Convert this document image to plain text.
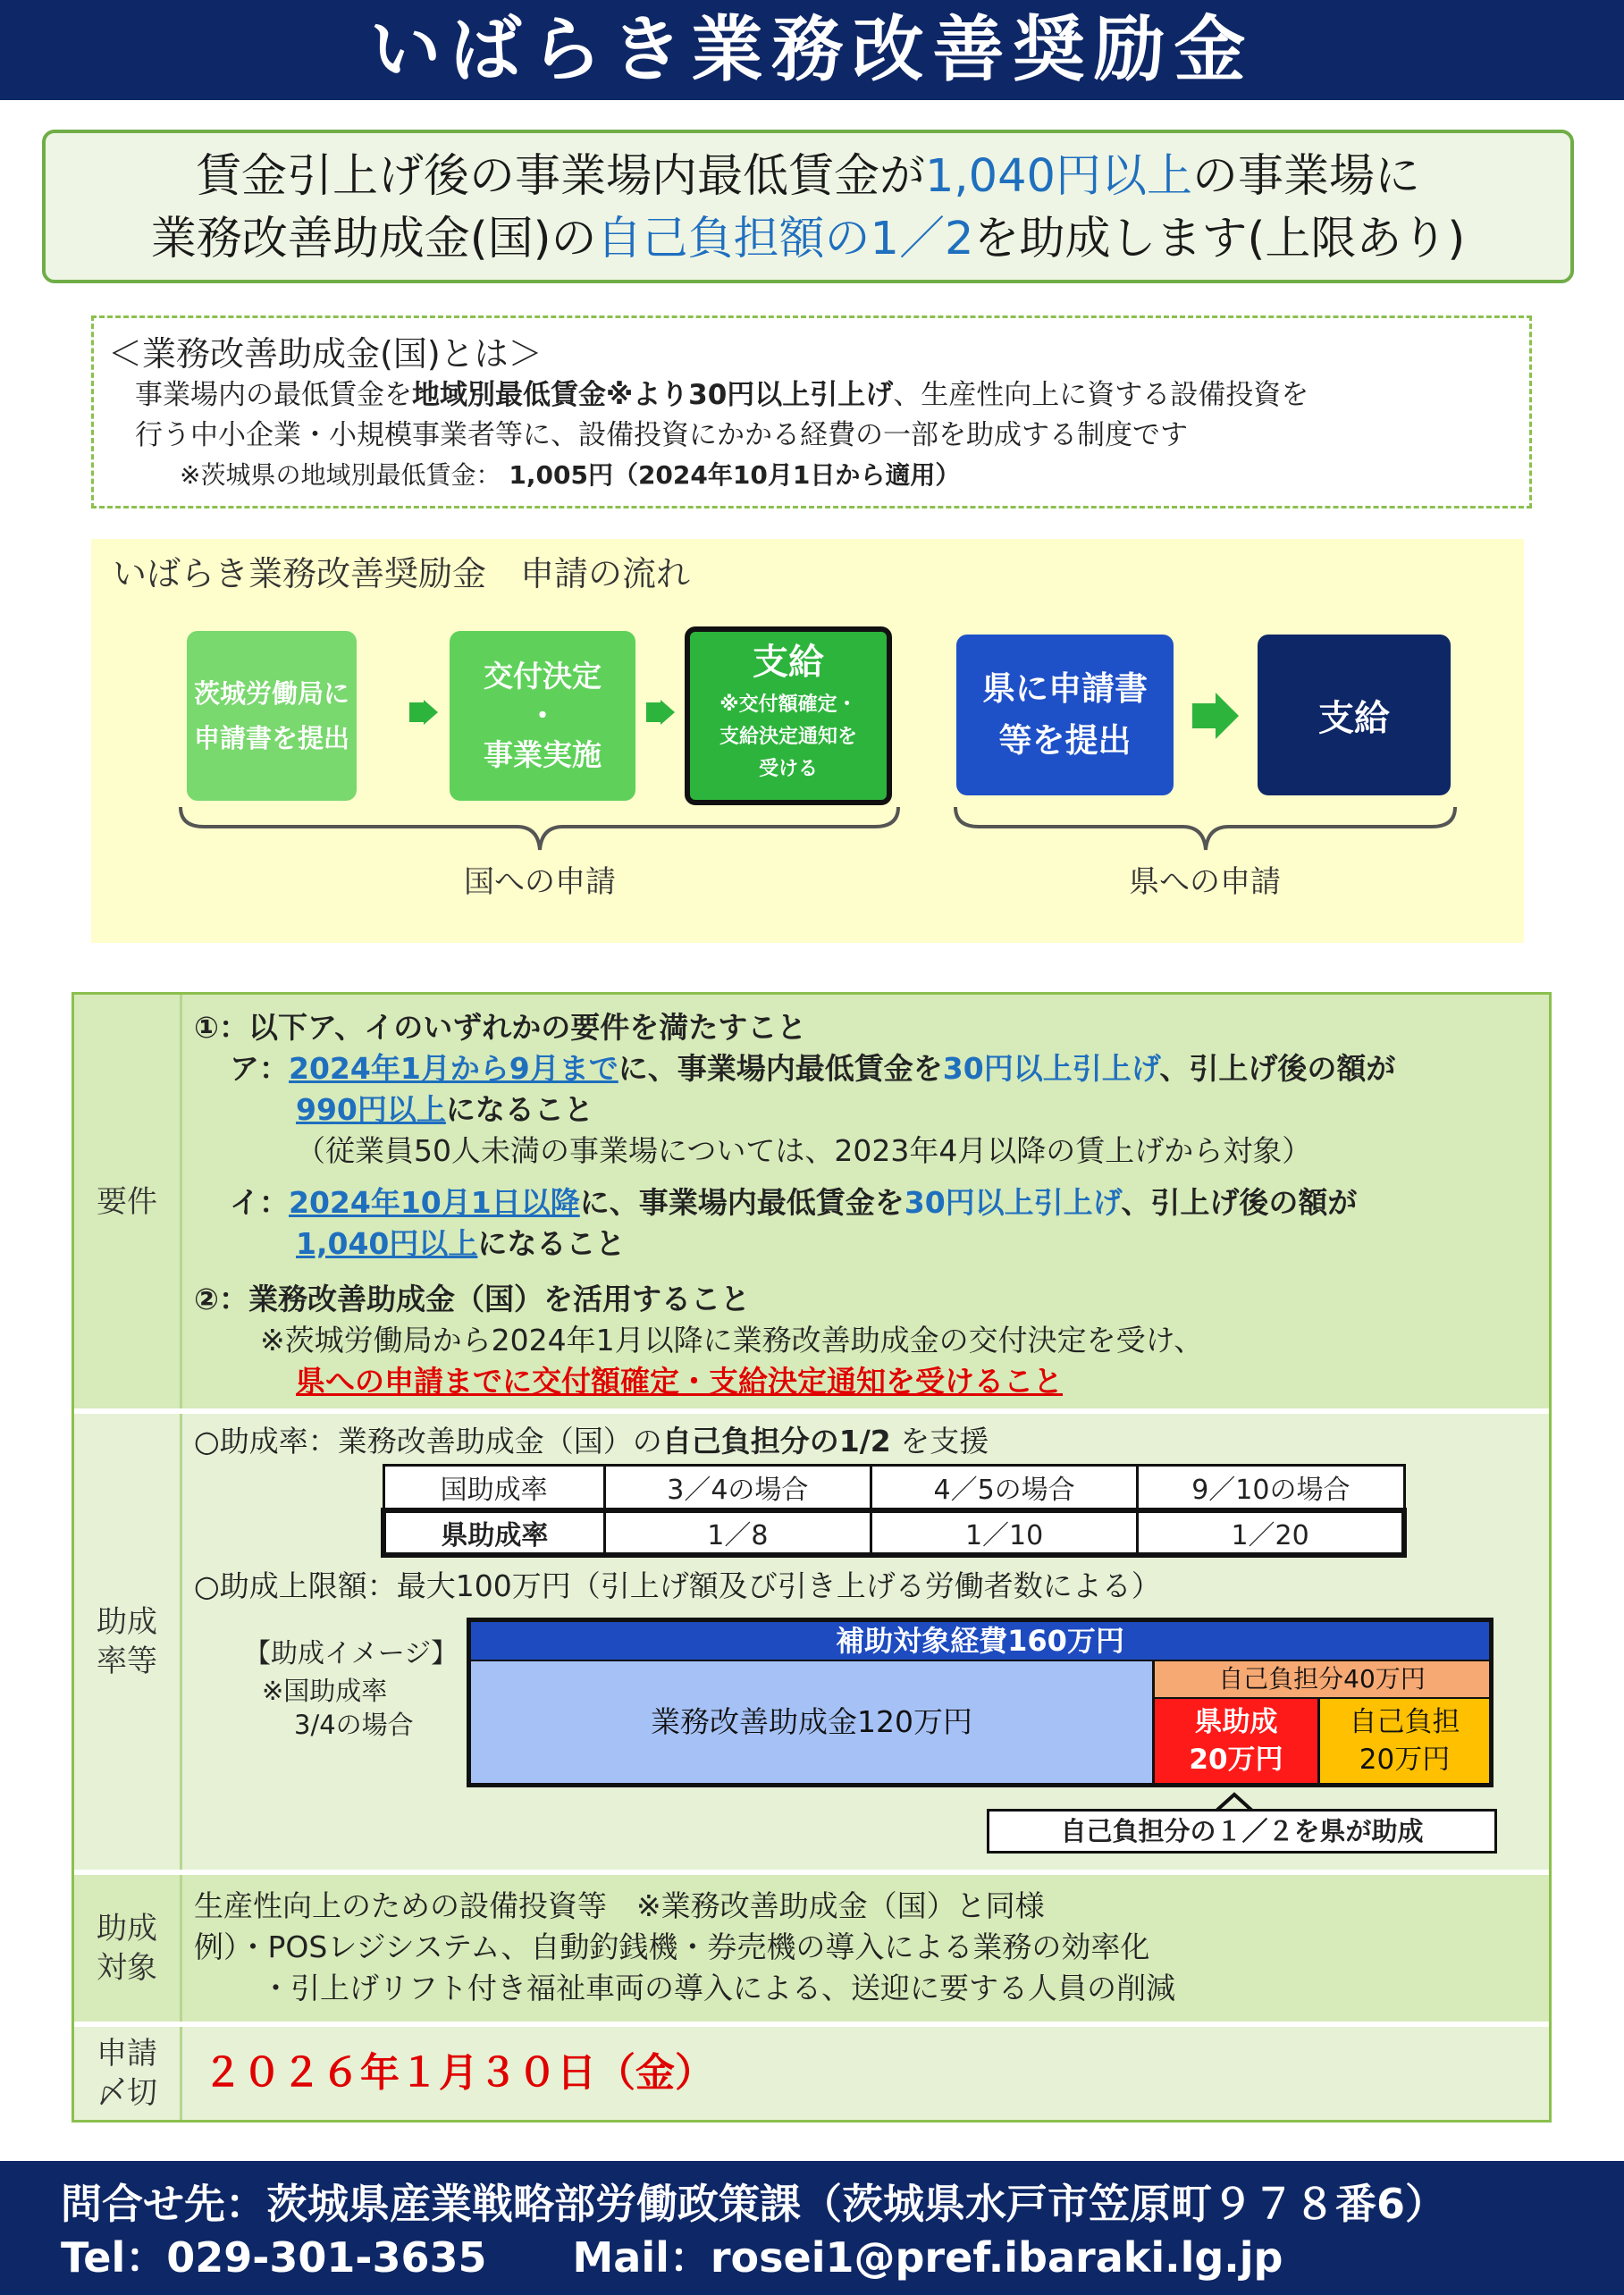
いばらき業務改善奨励金
賃金引上げ後の事業場内最低賃金が1,040円以上の事業場に
業務改善助成金(国)の自己負担額の1／2を助成します(上限あり)
＜業務改善助成金(国)とは＞
事業場内の最低賃金を地域別最低賃金※より30円以上引上げ、生産性向上に資する設備投資を
行う中小企業・小規模事業者等に、設備投資にかかる経費の一部を助成する制度です
※茨城県の地域別最低賃金： 1,005円（2024年10月1日から適用）
いばらき業務改善奨励金　申請の流れ
茨城労働局に
申請書を提出
交付決定
・
事業実施
支給
※交付額確定・
支給決定通知を
受ける
県に申請書
等を提出
支給
国への申請	県への申請
要件
①：以下ア、イのいずれかの要件を満たすこと
ア：2024年1月から9月までに、事業場内最低賃金を30円以上引上げ、引上げ後の額が
990円以上になること
（従業員50人未満の事業場については、2023年4月以降の賃上げから対象）
イ：2024年10月1日以降に、事業場内最低賃金を30円以上引上げ、引上げ後の額が
1,040円以上になること
②：業務改善助成金（国）を活用すること
※茨城労働局から2024年1月以降に業務改善助成金の交付決定を受け、
県への申請までに交付額確定・支給決定通知を受けること
助成
率等
○助成率：業務改善助成金（国）の自己負担分の1/2 を支援
国助成率	3／4の場合	4／5の場合	9／10の場合
県助成率	1／8	1／10	1／20
○助成上限額：最大100万円（引上げ額及び引き上げる労働者数による）
【助成イメージ】
※国助成率
3/4の場合
補助対象経費160万円
業務改善助成金120万円
自己負担分40万円
県助成
20万円
自己負担
20万円
自己負担分の１／２を県が助成
助成
対象
生産性向上のための設備投資等　※業務改善助成金（国）と同様
例）・POSレジシステム、自動釣銭機・券売機の導入による業務の効率化
・引上げリフト付き福祉車両の導入による、送迎に要する人員の削減
申請
〆切 ２０２６年１月３０日（金）
問合せ先：茨城県産業戦略部労働政策課（茨城県水戸市笠原町９７８番6）
Tel：029-301-3635 Mail：rosei1@pref.ibaraki.lg.jp
